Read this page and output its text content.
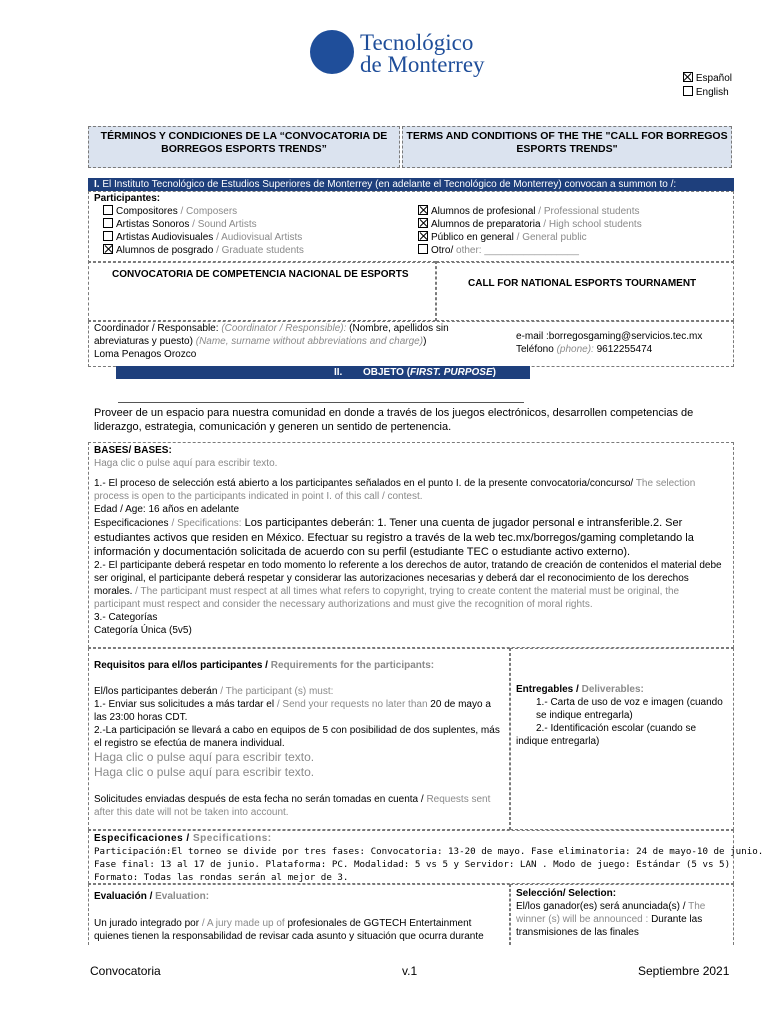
Tecnológico
de Monterrey
Español
English
TÉRMINOS Y CONDICIONES DE LA “CONVOCATORIA DE BORREGOS ESPORTS TRENDS”
TERMS AND CONDITIONS OF THE THE "CALL FOR BORREGOS ESPORTS TRENDS"
I. El Instituto Tecnológico de Estudios Superiores de Monterrey (en adelante el Tecnológico de Monterrey) convocan a summon to /:
Participantes:
Compositores / Composers
Artistas Sonoros / Sound Artists
Artistas Audiovisuales / Audiovisual Artists
Alumnos de posgrado / Graduate students
Alumnos de profesional / Professional students
Alumnos de preparatoria / High school students
Público en general / General public
Otro/ other: _________________
CONVOCATORIA DE COMPETENCIA NACIONAL DE ESPORTS
CALL FOR NATIONAL ESPORTS TOURNAMENT
Coordinador / Responsable: (Coordinator / Responsible): (Nombre, apellidos sin
abreviaturas y puesto) (Name, surname without abbreviations and charge))
Loma Penagos Orozco
e-mail :borregosgaming@servicios.tec.mx
Teléfono (phone): 9612255474
II. OBJETO (FIRST. PURPOSE)
Proveer de un espacio para nuestra comunidad en donde a través de los juegos electrónicos, desarrollen competencias de liderazgo, estrategia, comunicación y generen un sentido de pertenencia.
BASES/ BASES:
Haga clic o pulse aquí para escribir texto.
1.- El proceso de selección está abierto a los participantes señalados en el punto I. de la presente convocatoria/concurso/ The selection process is open to the participants indicated in point I. of this call / contest.
Edad / Age: 16 años en adelante
Especificaciones / Specifications: Los participantes deberán: 1. Tener una cuenta de jugador personal e intransferible.2. Ser estudiantes activos que residen en México. Efectuar su registro a través de la web tec.mx/borregos/gaming completando la información y documentación solicitada de acuerdo con su perfil (estudiante TEC o estudiante activo externo).
2.- El participante deberá respetar en todo momento lo referente a los derechos de autor, tratando de creación de contenidos el material debe ser original, el participante deberá respetar y considerar las autorizaciones necesarias y deberá dar el reconocimiento de los derechos morales. / The participant must respect at all times what refers to copyright, trying to create content the material must be original, the participant must respect and consider the necessary authorizations and must give the recognition of moral rights.
3.- Categorías
Categoría Única (5v5)
Requisitos para el/los participantes / Requirements for the participants:
El/los participantes deberán / The participant (s) must:
1.- Enviar sus solicitudes a más tardar el / Send your requests no later than 20 de mayo a las 23:00 horas CDT.
2.-La participación se llevará a cabo en equipos de 5 con posibilidad de dos suplentes, más el registro se efectúa de manera individual.
Haga clic o pulse aquí para escribir texto.
Haga clic o pulse aquí para escribir texto.
Solicitudes enviadas después de esta fecha no serán tomadas en cuenta / Requests sent after this date will not be taken into account.
Entregables / Deliverables:
1.- Carta de uso de voz e imagen (cuando se indique entregarla)
2.- Identificación escolar (cuando se indique entregarla)
Especificaciones / Specifications:
Participación:El torneo se divide por tres fases: Convocatoria: 13-20 de mayo. Fase eliminatoria: 24 de mayo-10 de junio.
Fase final: 13 al 17 de junio. Plataforma: PC. Modalidad: 5 vs 5 y Servidor: LAN . Modo de juego: Estándar (5 vs 5)
Formato: Todas las rondas serán al mejor de 3.
Evaluación / Evaluation:
Un jurado integrado por / A jury made up of profesionales de GGTECH Entertainment
quienes tienen la responsabilidad de revisar cada asunto y situación que ocurra durante
Selección/ Selection:
El/los ganador(es) será anunciada(s) / The winner (s) will be announced : Durante las transmisiones de las finales
Convocatoria	v.1	Septiembre 2021
